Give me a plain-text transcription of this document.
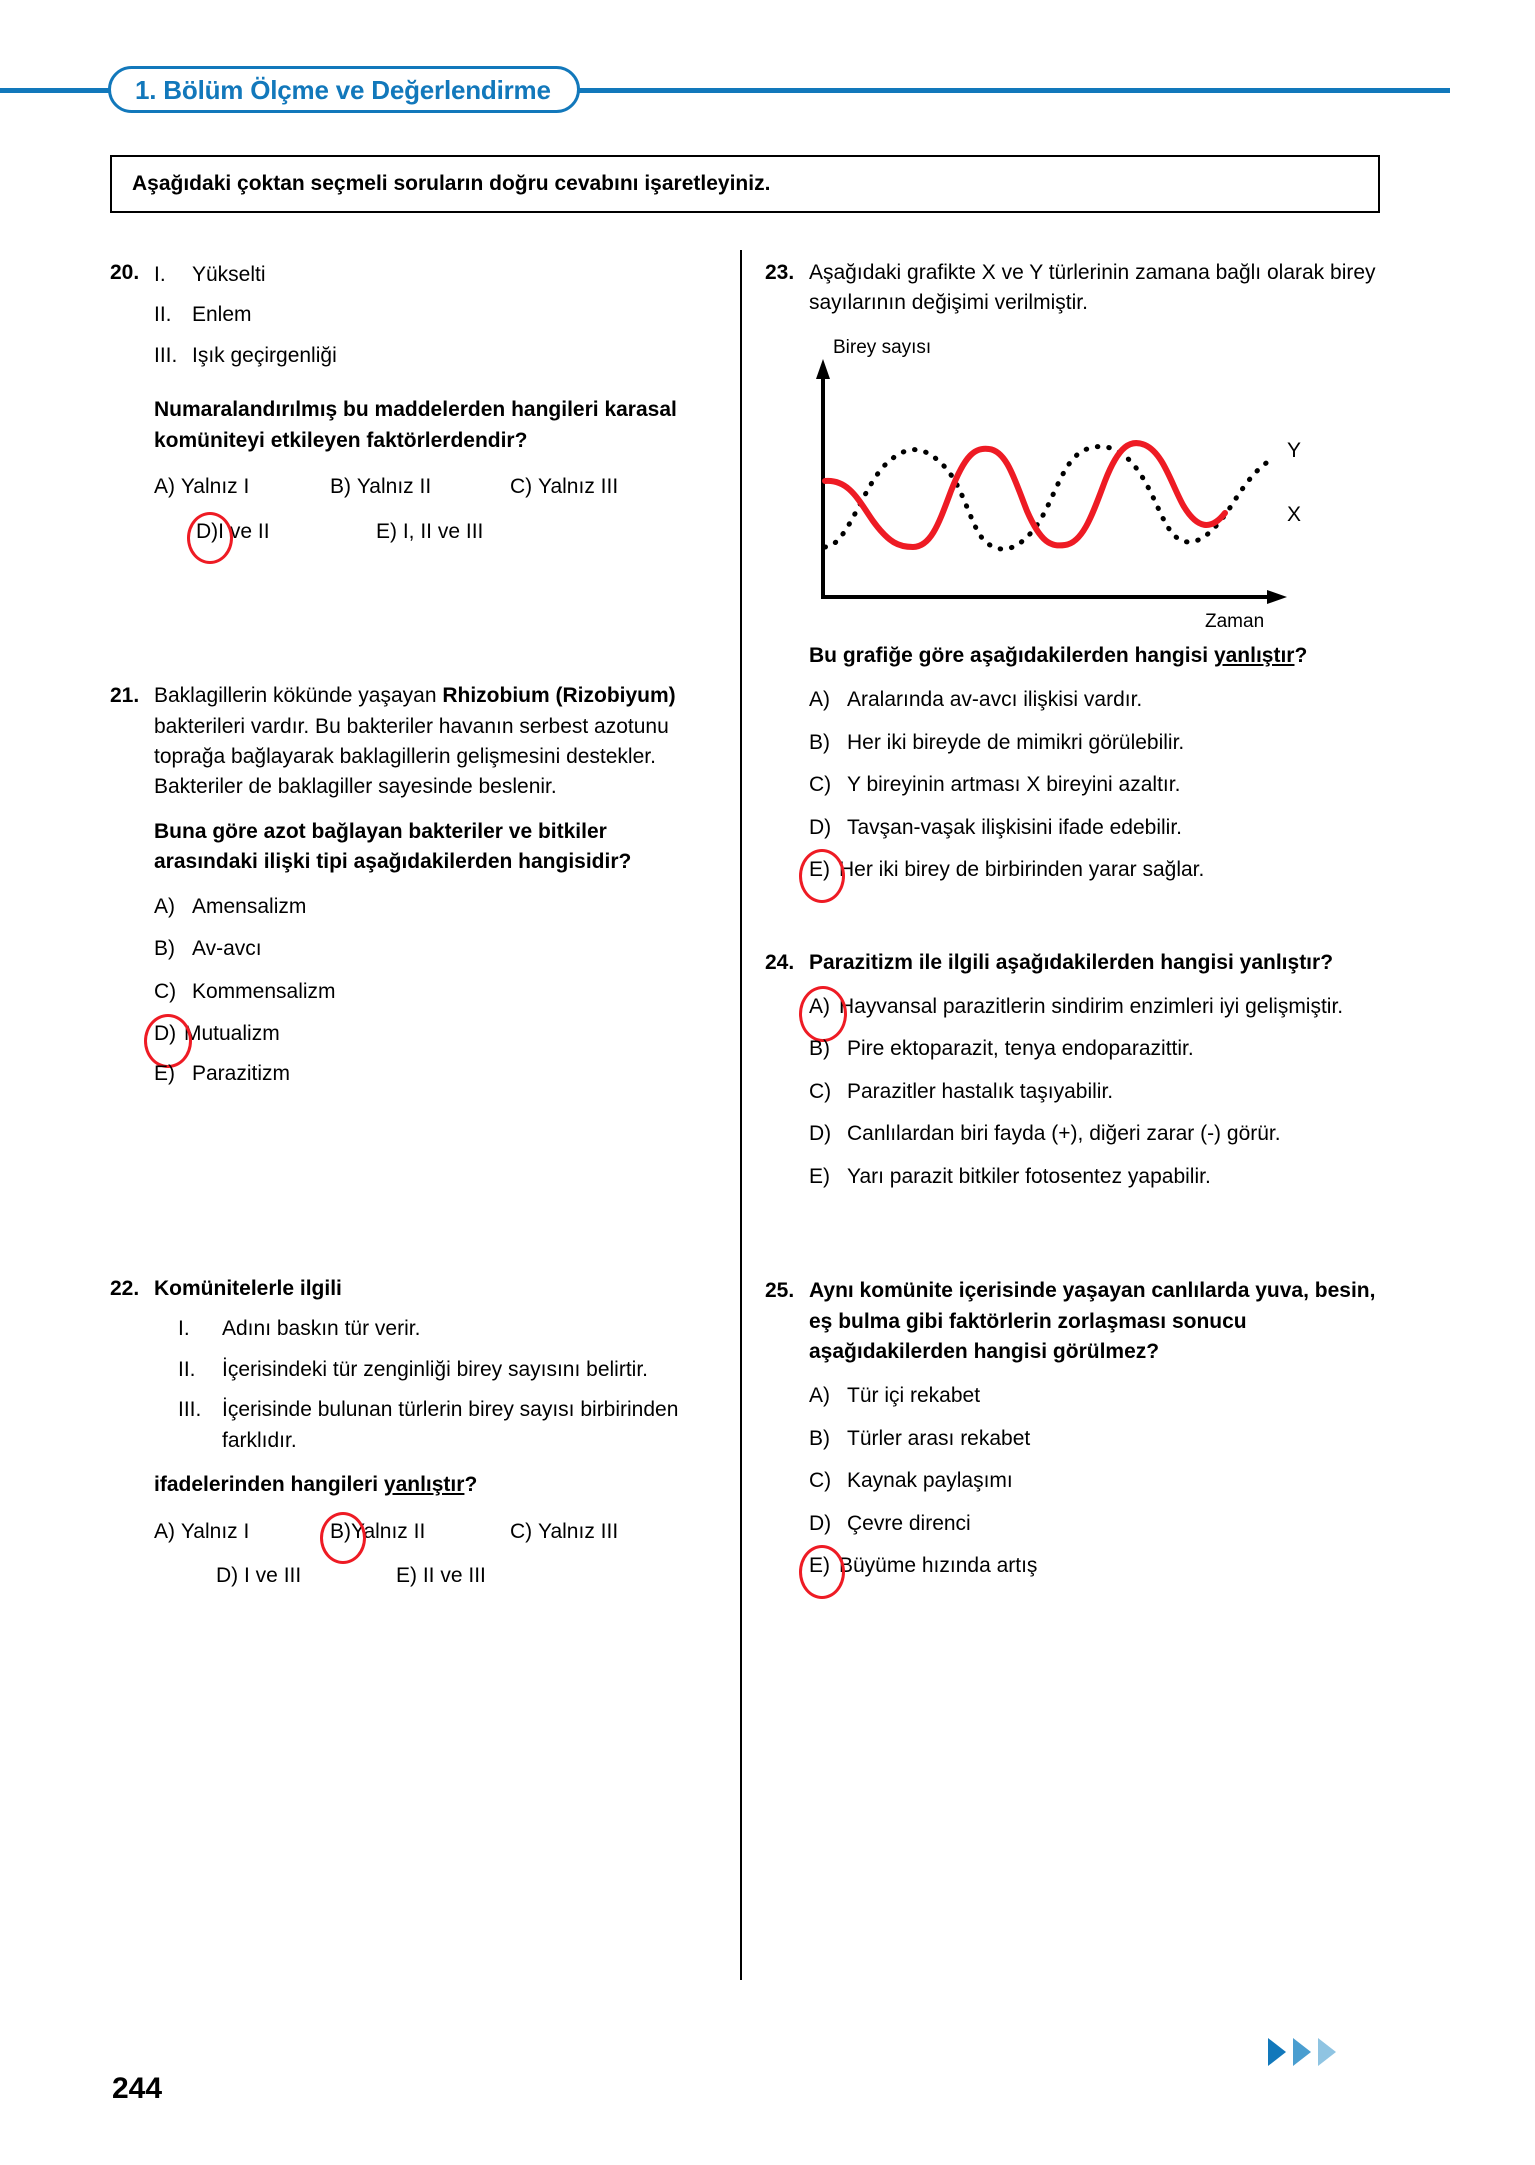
1. Bölüm Ölçme ve Değerlendirme
Aşağıdaki çoktan seçmeli soruların doğru cevabını işaretleyiniz.
20. I.	Yükselti
II. Enlem
III. Işık geçirgenliği
Numaralandırılmış bu maddelerden hangileri karasal komüniteyi etkileyen faktörlerdendir?
A) Yalnız I	B) Yalnız II	C) Yalnız III
D)I ve II	E) I, II ve III
21. Baklagillerin kökünde yaşayan Rhizobium (Rizobiyum) bakterileri vardır. Bu bakteriler havanın serbest azotunu toprağa bağlayarak baklagillerin gelişmesini destekler. Bakteriler de baklagiller sayesinde beslenir.
Buna göre azot bağlayan bakteriler ve bitkiler arasındaki ilişki tipi aşağıdakilerden hangisidir?
A) Amensalizm
B) Av-avcı
C) Kommensalizm
D) Mutualizm
E) Parazitizm
22. Komünitelerle ilgili
I.	Adını baskın tür verir.
II.	İçerisindeki tür zenginliği birey sayısını belirtir.
III. İçerisinde bulunan türlerin birey sayısı birbirinden farklıdır.
ifadelerinden hangileri yanlıştır?
A) Yalnız I	B)Yalnız II	C) Yalnız III
D) I ve III	E) II ve III
23. Aşağıdaki grafikte X ve Y türlerinin zamana bağlı olarak birey sayılarının değişimi verilmiştir.
Birey sayısı
X
Y
Zaman
Bu grafiğe göre aşağıdakilerden hangisi yanlıştır?
A) Aralarında av-avcı ilişkisi vardır.
B) Her iki bireyde de mimikri görülebilir.
C) Y bireyinin artması X bireyini azaltır.
D) Tavşan-vaşak ilişkisini ifade edebilir.
E) Her iki birey de birbirinden yarar sağlar.
24. Parazitizm ile ilgili aşağıdakilerden hangisi yanlıştır?
A) Hayvansal parazitlerin sindirim enzimleri iyi gelişmiştir.
B) Pire ektoparazit, tenya endoparazittir.
C) Parazitler hastalık taşıyabilir.
D) Canlılardan biri fayda (+), diğeri zarar (-) görür.
E) Yarı parazit bitkiler fotosentez yapabilir.
25. Aynı komünite içerisinde yaşayan canlılarda yuva, besin, eş bulma gibi faktörlerin zorlaşması sonucu aşağıdakilerden hangisi görülmez?
A) Tür içi rekabet
B) Türler arası rekabet
C) Kaynak paylaşımı
D) Çevre direnci
E) Büyüme hızında artış
244
